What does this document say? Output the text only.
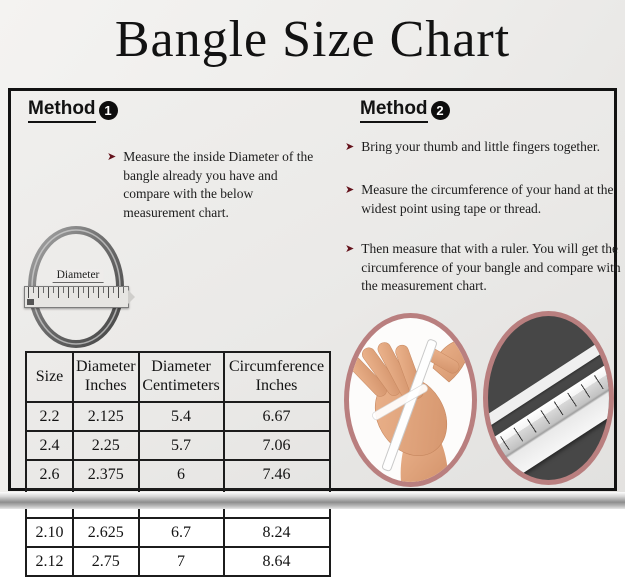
Bangle Size Chart
Method 1
Diameter
➤ Measure the inside Diameter of the bangle already you have and compare with the below measurement chart.
Size	Diameter Inches	Diameter Centimeters	Circumference Inches
2.2	2.125	5.4	6.67
2.4	2.25	5.7	7.06
2.6	2.375	6	7.46

2.10	2.625	6.7	8.24
2.12	2.75	7	8.64
Method 2
➤ Bring your thumb and little fingers together.
➤ Measure the circumference of your hand at the widest point using tape or thread.
➤ Then measure that with a ruler. You will get the circumference of your bangle and compare with the measurement chart.
